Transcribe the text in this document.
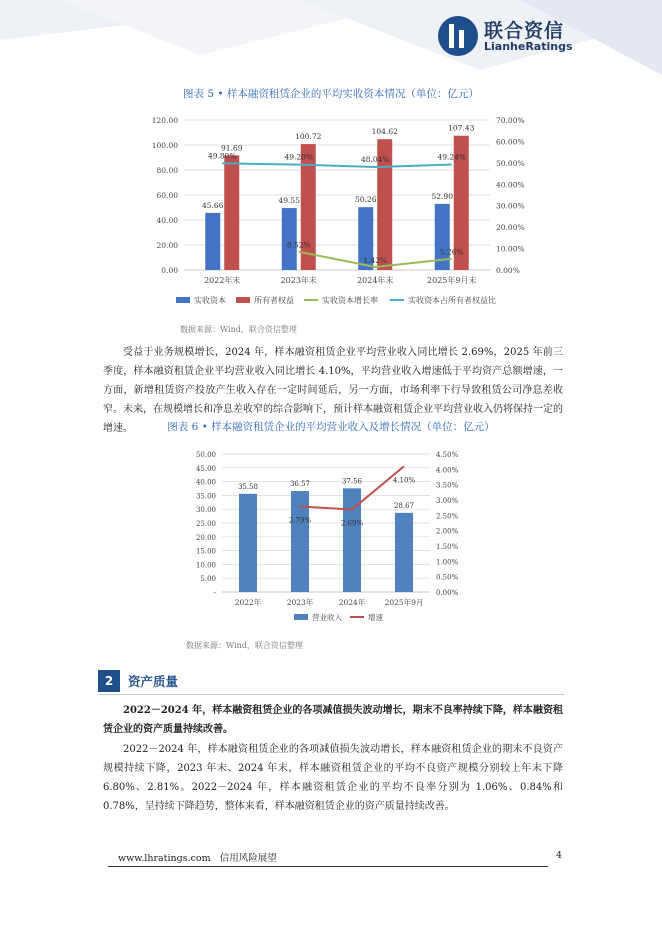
联合资信
LianheRatings
图表 5 • 样本融资租赁企业的平均实收资本情况（单位：亿元）
0.00
20.00
40.00
60.00
80.00
100.00
120.00
0.00%
10.00%
20.00%
30.00%
40.00%
50.00%
60.00%
70.00%
2022年末	2023年末	2024年末	2025年9月末
45.66
49.55	50.26	52.90
91.69
100.72
104.62	107.43
8.52%
1.42%
5.26%
49.80%	49.20%	48.04%	49.24%
实收资本	所有者权益	实收资本增长率	实收资本占所有者权益比
数据来源：Wind，联合资信整理

受益于业务规模增长，2024 年，样本融资租赁企业平均营业收入同比增长 2.69%，2025 年前三季度，样本融资租赁企业平均营业收入同比增长 4.10%，平均营业收入增速低于平均资产总额增速，一方面，新增租赁资产投放产生收入存在一定时间延后，另一方面，市场利率下行导致租赁公司净息差收窄。未来，在规模增长和净息差收窄的综合影响下，预计样本融资租赁企业平均营业收入仍将保持一定的增速。	图表 6 • 样本融资租赁企业的平均营业收入及增长情况（单位：亿元）
-
5.00
10.00
15.00
20.00
25.00
30.00
35.00
40.00
45.00
50.00
0.00%
0.50%
1.00%
1.50%
2.00%
2.50%
3.00%
3.50%
4.00%
4.50%
2022年	2023年	2024年	2025年9月
35.58	36.57	37.56
28.67
2.79%	2.69%
4.10%
营业收入	增速
数据来源：Wind，联合资信整理
2	资产质量

2022－2024 年，样本融资租赁企业的各项减值损失波动增长，期末不良率持续下降，样本融资租赁企业的资产质量持续改善。

2022－2024 年，样本融资租赁企业的各项减值损失波动增长，样本融资租赁企业的期末不良资产规模持续下降，2023 年末、2024 年末，样本融资租赁企业的平均不良资产规模分别较上年末下降 6.80%、2.81%。2022－2024 年，样本融资租赁企业的平均不良率分别为 1.06%、0.84%和 0.78%，呈持续下降趋势，整体来看，样本融资租赁企业的资产质量持续改善。

www.lhratings.com 信用风险展望	4
